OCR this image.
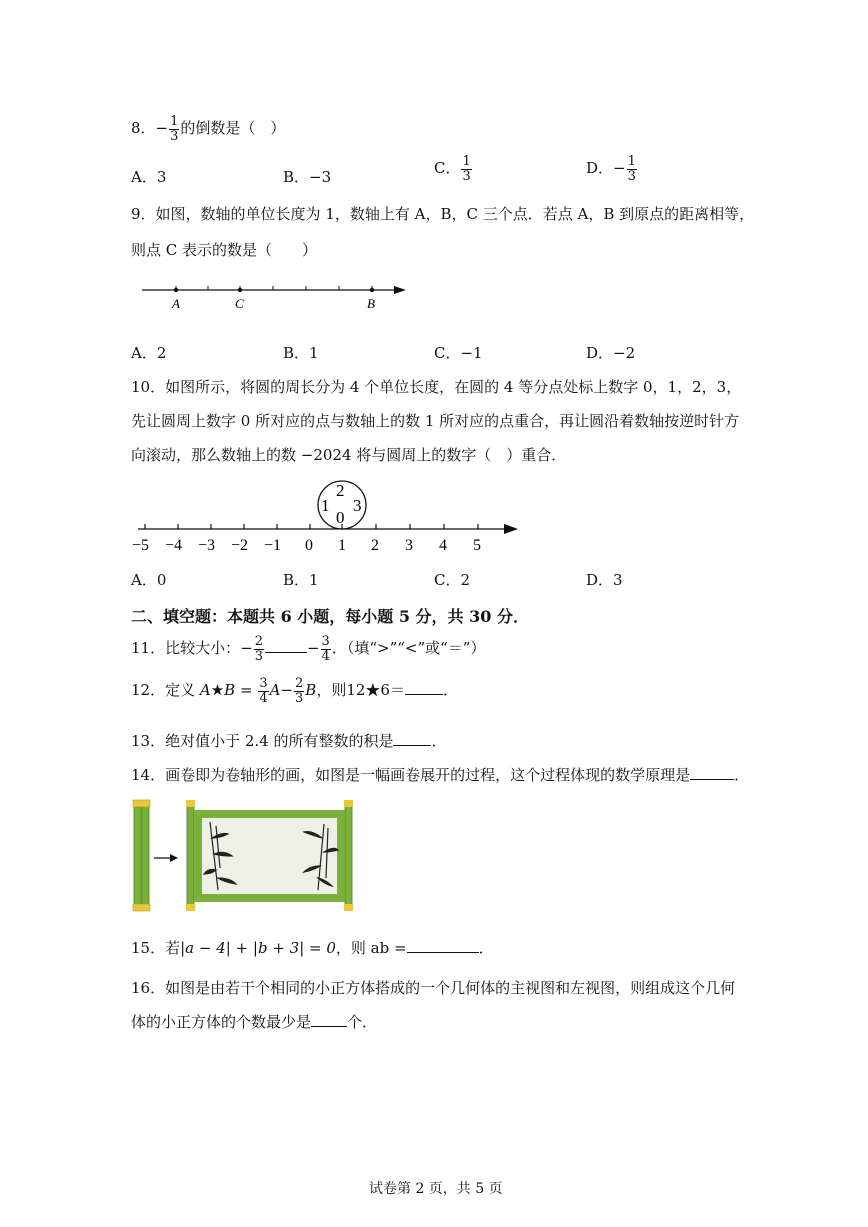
8．− $\frac{1}{3}$ 的倒数是（　）
A．3	B．−3	C． $\frac{1}{3}$	D．− $\frac{1}{3}$
9．如图，数轴的单位长度为 1，数轴上有 A，B，C 三个点．若点 A，B 到原点的距离相等，
则点 C 表示的数是（　　）
A	C	B
A．2	B．1	C．−1	D．−2
10．如图所示，将圆的周长分为 4 个单位长度，在圆的 4 等分点处标上数字 0，1，2，3，
先让圆周上数字 0 所对应的点与数轴上的数 1 所对应的点重合，再让圆沿着数轴按逆时针方
向滚动，那么数轴上的数 −2024 将与圆周上的数字（　）重合．
2
1 3
0
−5 −4 −3 −2 −1 0 1 2 3 4 5
A．0	B．1	C．2	D．3
二、填空题：本题共 6 小题，每小题 5 分，共 30 分．
11．比较大小：− $\frac{2}{3}$	− $\frac{3}{4}$ ．（填“>”“<”或“＝”）
12．定义 A★B = $\frac{3}{4} A- \frac{2}{3}$ B，则12★6＝	．
13．绝对值小于 2.4 的所有整数的积是	．
14．画卷即为卷轴形的画，如图是一幅画卷展开的过程，这个过程体现的数学原理是	．
15．若|a − 4| + |b + 3| = 0，则 ab =	．
16．如图是由若干个相同的小正方体搭成的一个几何体的主视图和左视图，则组成这个几何
体的小正方体的个数最少是 个．
试卷第 2 页，共 5 页
